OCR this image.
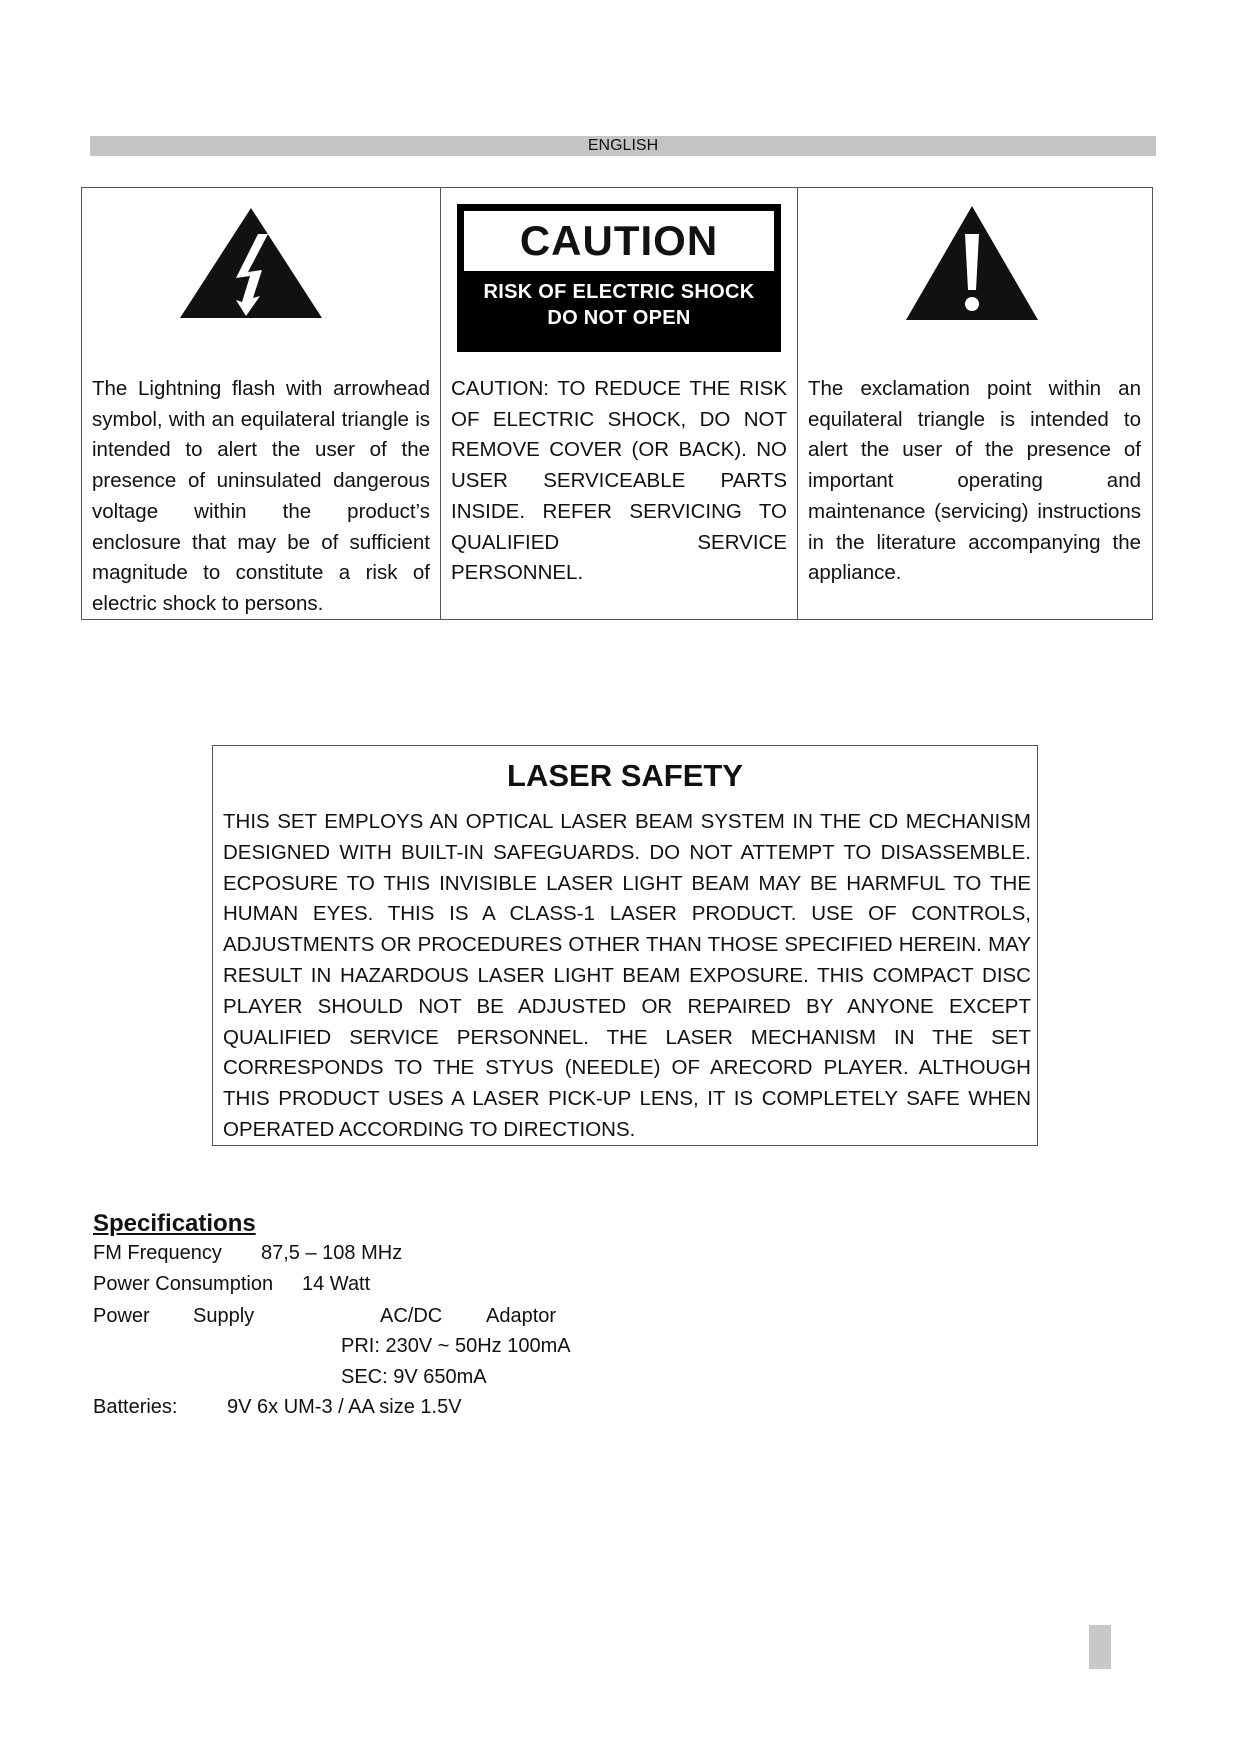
ENGLISH

The Lightning flash with arrowhead symbol, with an equilateral triangle is intended to alert the user of the presence of uninsulated dangerous voltage within the product’s enclosure that may be of sufficient magnitude to constitute a risk of electric shock to persons.

CAUTION
RISK OF ELECTRIC SHOCK
DO NOT OPEN

CAUTION: TO REDUCE THE RISK OF ELECTRIC SHOCK, DO NOT REMOVE COVER (OR BACK). NO USER SERVICEABLE PARTS INSIDE. REFER SERVICING TO QUALIFIED SERVICE PERSONNEL.

The exclamation point within an equilateral triangle is intended to alert the user of the presence of important operating and maintenance (servicing) instructions in the literature accompanying the appliance.

LASER SAFETY

THIS SET EMPLOYS AN OPTICAL LASER BEAM SYSTEM IN THE CD MECHANISM DESIGNED WITH BUILT-IN SAFEGUARDS. DO NOT ATTEMPT TO DISASSEMBLE. ECPOSURE TO THIS INVISIBLE LASER LIGHT BEAM MAY BE HARMFUL TO THE HUMAN EYES. THIS IS A CLASS-1 LASER PRODUCT. USE OF CONTROLS, ADJUSTMENTS OR PROCEDURES OTHER THAN THOSE SPECIFIED HEREIN. MAY RESULT IN HAZARDOUS LASER LIGHT BEAM EXPOSURE. THIS COMPACT DISC PLAYER SHOULD NOT BE ADJUSTED OR REPAIRED BY ANYONE EXCEPT QUALIFIED SERVICE PERSONNEL. THE LASER MECHANISM IN THE SET CORRESPONDS TO THE STYUS (NEEDLE) OF ARECORD PLAYER. ALTHOUGH THIS PRODUCT USES A LASER PICK-UP LENS, IT IS COMPLETELY SAFE WHEN OPERATED ACCORDING TO DIRECTIONS.

Specifications
FM Frequency 87,5 – 108 MHz
Power Consumption 14 Watt
Power Supply	AC/DC Adaptor
PRI: 230V ~ 50Hz 100mA
SEC: 9V 650mA
Batteries: 9V 6x UM-3 / AA size 1.5V
